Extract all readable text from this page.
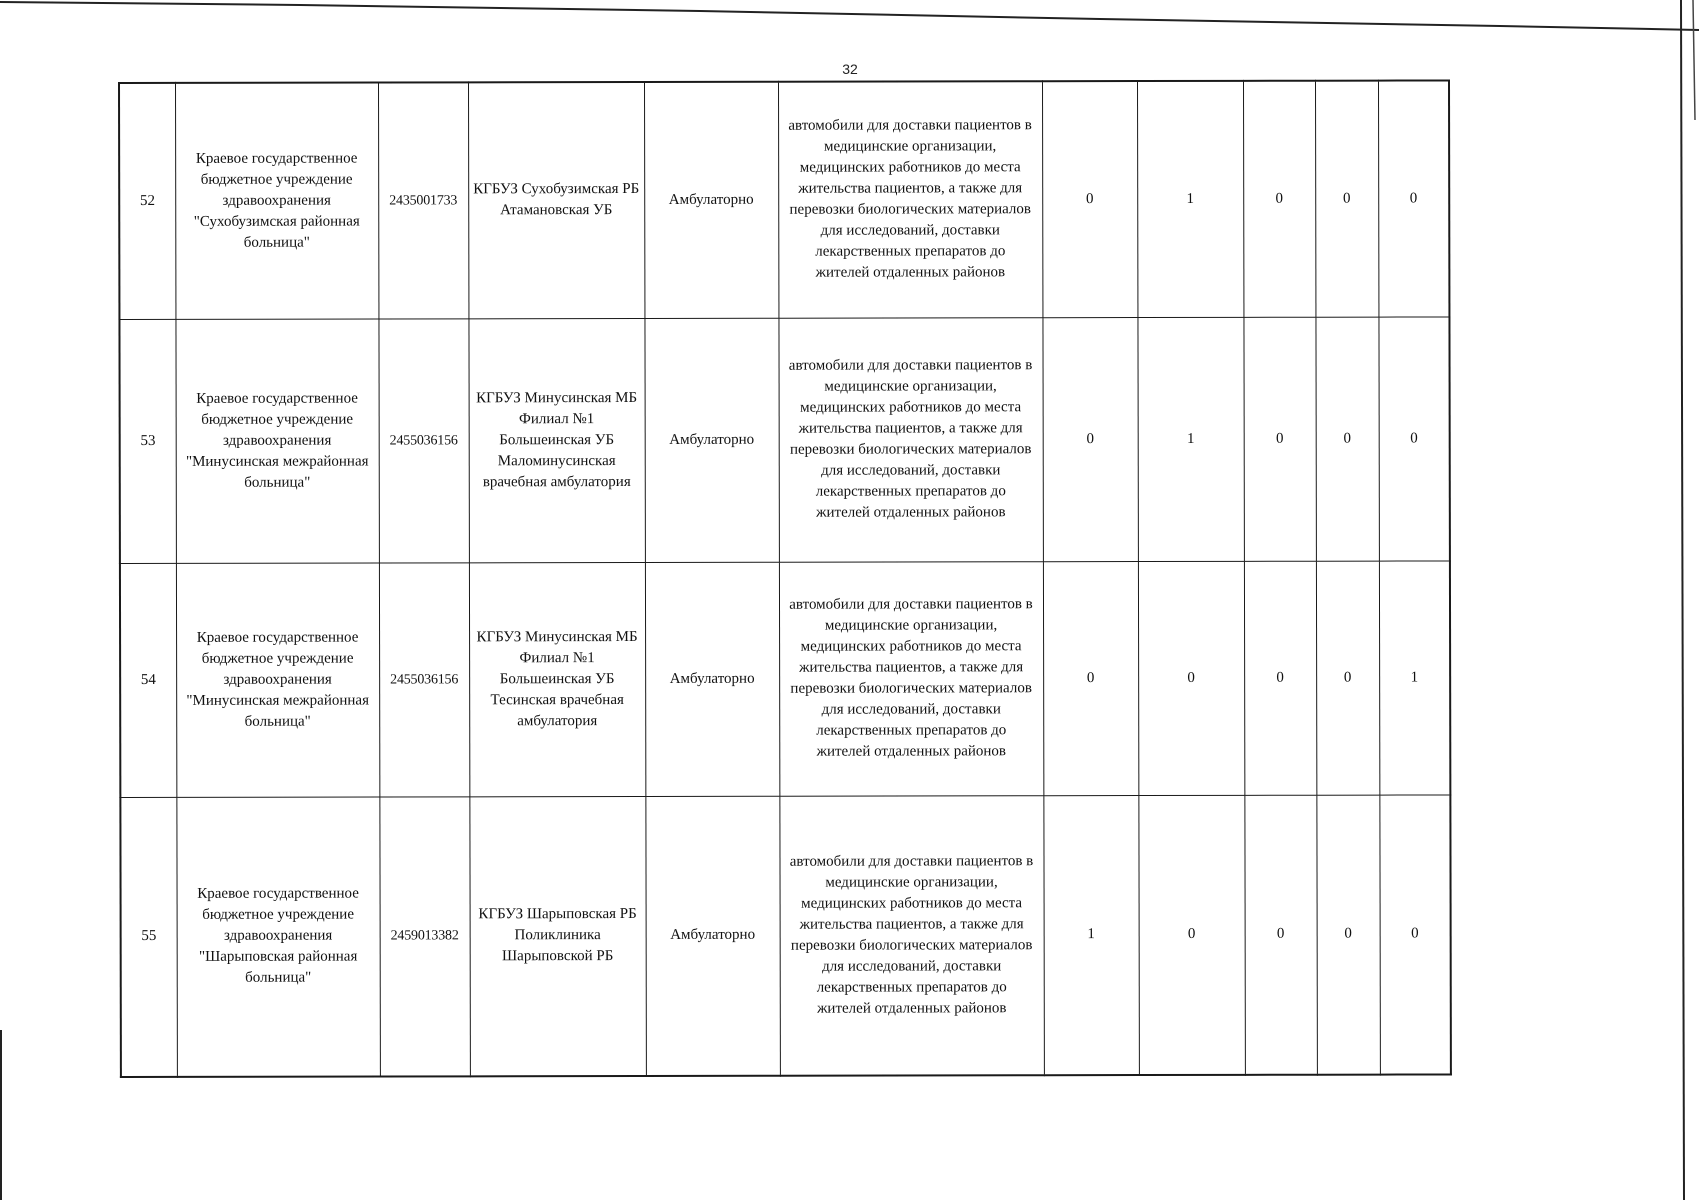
32
52	Краевое государственное бюджетное учреждение здравоохранения "Сухобузимская районная больница"	2435001733	КГБУЗ Сухобузимская РБ Атамановская УБ	Амбулаторно	автомобили для доставки пациентов в медицинские организации, медицинских работников до места жительства пациентов, а также для перевозки биологических материалов для исследований, доставки лекарственных препаратов до жителей отдаленных районов	0	1	0	0	0
53	Краевое государственное бюджетное учреждение здравоохранения "Минусинская межрайонная больница"	2455036156	КГБУЗ Минусинская МБ Филиал №1 Большеинская УБ Маломинусинская врачебная амбулатория	Амбулаторно	автомобили для доставки пациентов в медицинские организации, медицинских работников до места жительства пациентов, а также для перевозки биологических материалов для исследований, доставки лекарственных препаратов до жителей отдаленных районов	0	1	0	0	0
54	Краевое государственное бюджетное учреждение здравоохранения "Минусинская межрайонная больница"	2455036156	КГБУЗ Минусинская МБ Филиал №1 Большеинская УБ Тесинская врачебная амбулатория	Амбулаторно	автомобили для доставки пациентов в медицинские организации, медицинских работников до места жительства пациентов, а также для перевозки биологических материалов для исследований, доставки лекарственных препаратов до жителей отдаленных районов	0	0	0	0	1
55	Краевое государственное бюджетное учреждение здравоохранения "Шарыповская районная больница"	2459013382	КГБУЗ Шарыповская РБ Поликлиника Шарыповской РБ	Амбулаторно	автомобили для доставки пациентов в медицинские организации, медицинских работников до места жительства пациентов, а также для перевозки биологических материалов для исследований, доставки лекарственных препаратов до жителей отдаленных районов	1	0	0	0	0
